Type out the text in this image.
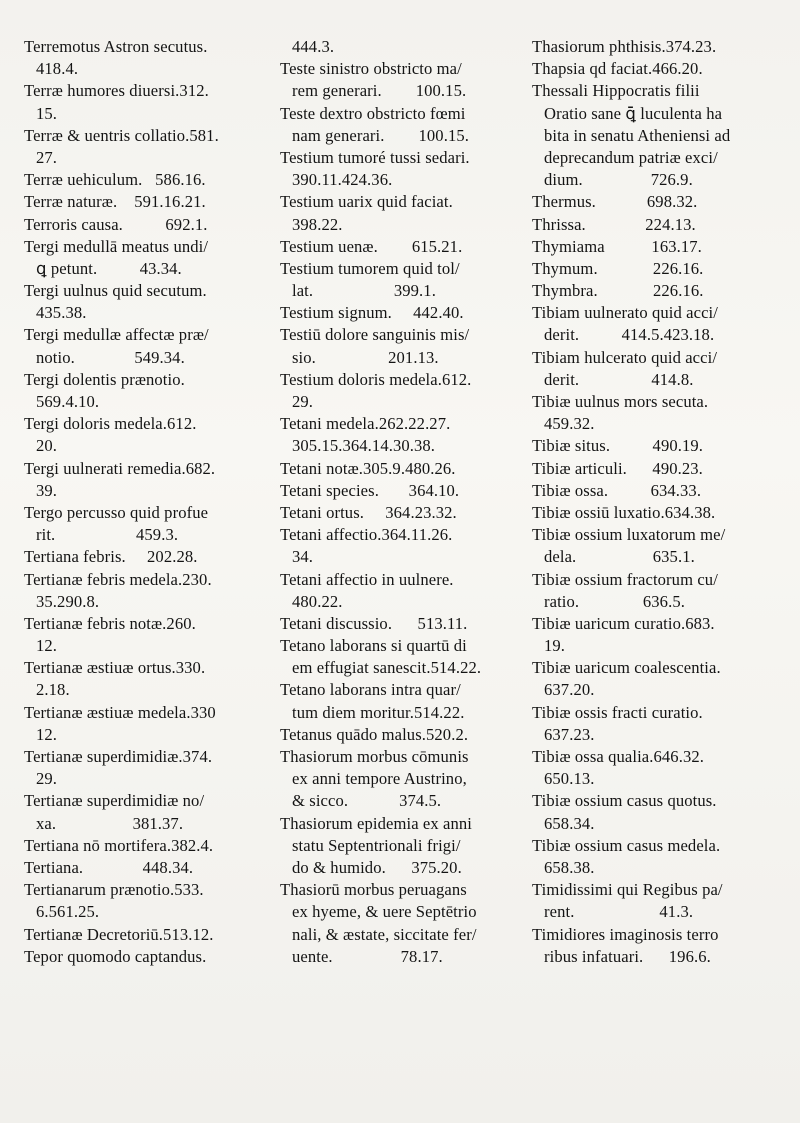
Terremotus Astron secutus.
418.4.
Terræ humores diuersi.312.
15.
Terræ & uentris collatio.581.
27.
Terræ uehiculum.   586.16.
Terræ naturæ.    591.16.21.
Terroris causa.          692.1.
Tergi medullā meatus undi/
ꝗ petunt.          43.34.
Tergi uulnus quid secutum.
435.38.
Tergi medullæ affectæ præ/
notio.              549.34.
Tergi dolentis prænotio.
569.4.10.
Tergi doloris medela.612.
20.
Tergi uulnerati remedia.682.
39.
Tergo percusso quid profue
rit.                   459.3.
Tertiana febris.     202.28.
Tertianæ febris medela.230.
35.290.8.
Tertianæ febris notæ.260.
12.
Tertianæ æstiuæ ortus.330.
2.18.
Tertianæ æstiuæ medela.330
12.
Tertianæ superdimidiæ.374.
29.
Tertianæ superdimidiæ no/
xa.                  381.37.
Tertiana nō mortifera.382.4.
Tertiana.              448.34.
Tertianarum prænotio.533.
6.561.25.
Tertianæ Decretoriū.513.12.
Tepor quomodo captandus.
444.3.
Teste sinistro obstricto ma/
rem generari.        100.15.
Teste dextro obstricto fœmi
nam generari.        100.15.
Testium tumoré tussi sedari.
390.11.424.36.
Testium uarix quid faciat.
398.22.
Testium uenæ.        615.21.
Testium tumorem quid tol/
lat.                   399.1.
Testium signum.     442.40.
Testiū dolore sanguinis mis/
sio.                 201.13.
Testium doloris medela.612.
29.
Tetani medela.262.22.27.
305.15.364.14.30.38.
Tetani notæ.305.9.480.26.
Tetani species.       364.10.
Tetani ortus.     364.23.32.
Tetani affectio.364.11.26.
34.
Tetani affectio in uulnere.
480.22.
Tetani discussio.      513.11.
Tetano laborans si quartū di
em effugiat sanescit.514.22.
Tetano laborans intra quar/
tum diem moritur.514.22.
Tetanus quādo malus.520.2.
Thasiorum morbus cōmunis
ex anni tempore Austrino,
& sicco.            374.5.
Thasiorum epidemia ex anni
statu Septentrionali frigi/
do & humido.      375.20.
Thasiorū morbus peruagans
ex hyeme, & uere Septētrio
nali, & æstate, siccitate fer/
uente.                78.17.
Thasiorum phthisis.374.23.
Thapsia qd faciat.466.20.
Thessali Hippocratis filii
Oratio sane ꝗ̄ luculenta ha
bita in senatu Atheniensi ad
deprecandum patriæ exci/
dium.                726.9.
Thermus.            698.32.
Thrissa.              224.13.
Thymiama           163.17.
Thymum.             226.16.
Thymbra.             226.16.
Tibiam uulnerato quid acci/
derit.          414.5.423.18.
Tibiam hulcerato quid acci/
derit.                 414.8.
Tibiæ uulnus mors secuta.
459.32.
Tibiæ situs.          490.19.
Tibiæ articuli.      490.23.
Tibiæ ossa.          634.33.
Tibiæ ossiū luxatio.634.38.
Tibiæ ossium luxatorum me/
dela.                  635.1.
Tibiæ ossium fractorum cu/
ratio.               636.5.
Tibiæ uaricum curatio.683.
19.
Tibiæ uaricum coalescentia.
637.20.
Tibiæ ossis fracti curatio.
637.23.
Tibiæ ossa qualia.646.32.
650.13.
Tibiæ ossium casus quotus.
658.34.
Tibiæ ossium casus medela.
658.38.
Timidissimi qui Regibus pa/
rent.                    41.3.
Timidiores imaginosis terro
ribus infatuari.      196.6.
